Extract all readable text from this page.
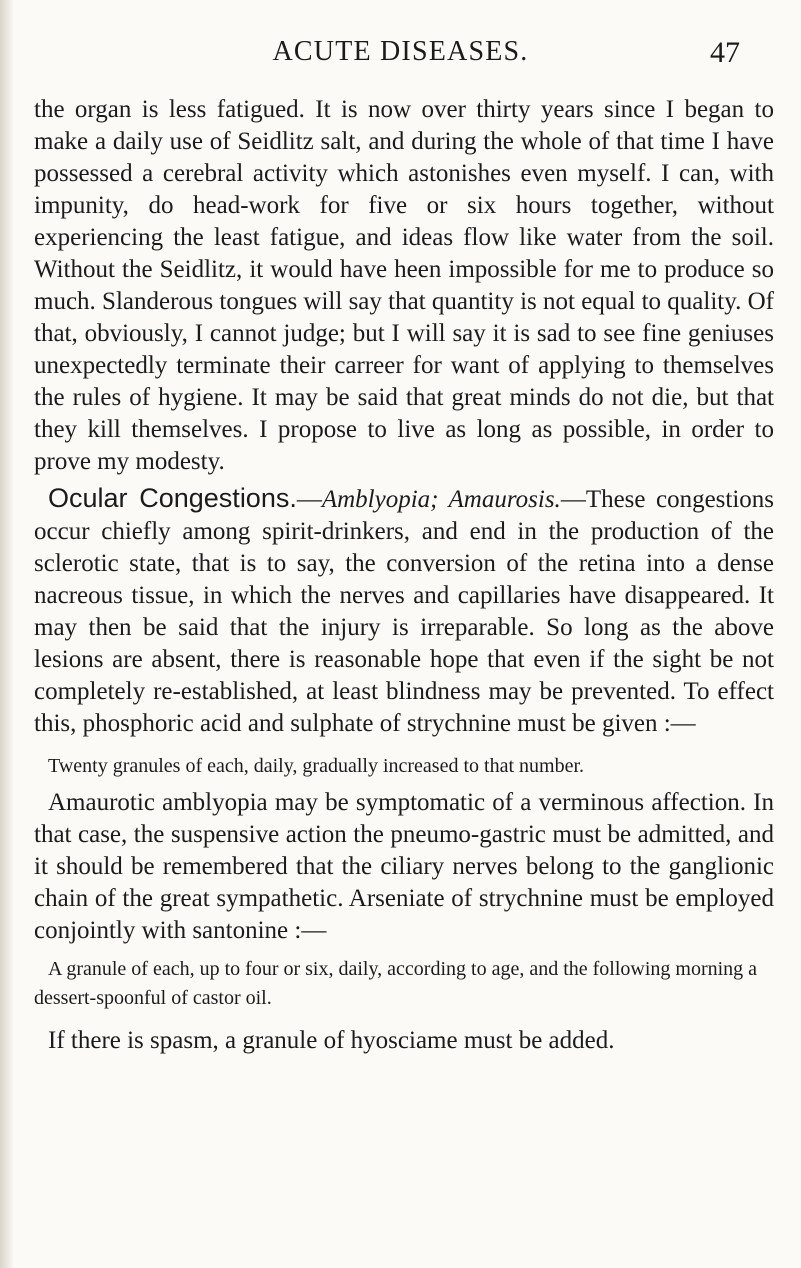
ACUTE DISEASES.	47

the organ is less fatigued. It is now over thirty years since I began to make a daily use of Seidlitz salt, and during the whole of that time I have possessed a cerebral activity which astonishes even myself. I can, with impunity, do head-work for five or six hours together, without experiencing the least fatigue, and ideas flow like water from the soil. Without the Seidlitz, it would have heen impossible for me to produce so much. Slanderous tongues will say that quantity is not equal to quality. Of that, obviously, I cannot judge; but I will say it is sad to see fine geniuses unexpectedly terminate their carreer for want of applying to themselves the rules of hygiene. It may be said that great minds do not die, but that they kill themselves. I propose to live as long as possible, in order to prove my modesty.

Ocular Congestions.—Amblyopia; Amaurosis.—These congestions occur chiefly among spirit-drinkers, and end in the production of the sclerotic state, that is to say, the conversion of the retina into a dense nacreous tissue, in which the nerves and capillaries have disappeared. It may then be said that the injury is irreparable. So long as the above lesions are absent, there is reasonable hope that even if the sight be not completely re-established, at least blindness may be prevented. To effect this, phosphoric acid and sulphate of strychnine must be given :—

Twenty granules of each, daily, gradually increased to that number.

Amaurotic amblyopia may be symptomatic of a verminous affection. In that case, the suspensive action the pneumo-gastric must be admitted, and it should be remembered that the ciliary nerves belong to the ganglionic chain of the great sympathetic. Arseniate of strychnine must be employed conjointly with santonine :—

A granule of each, up to four or six, daily, according to age, and the following morning a dessert-spoonful of castor oil.

If there is spasm, a granule of hyosciame must be added.
